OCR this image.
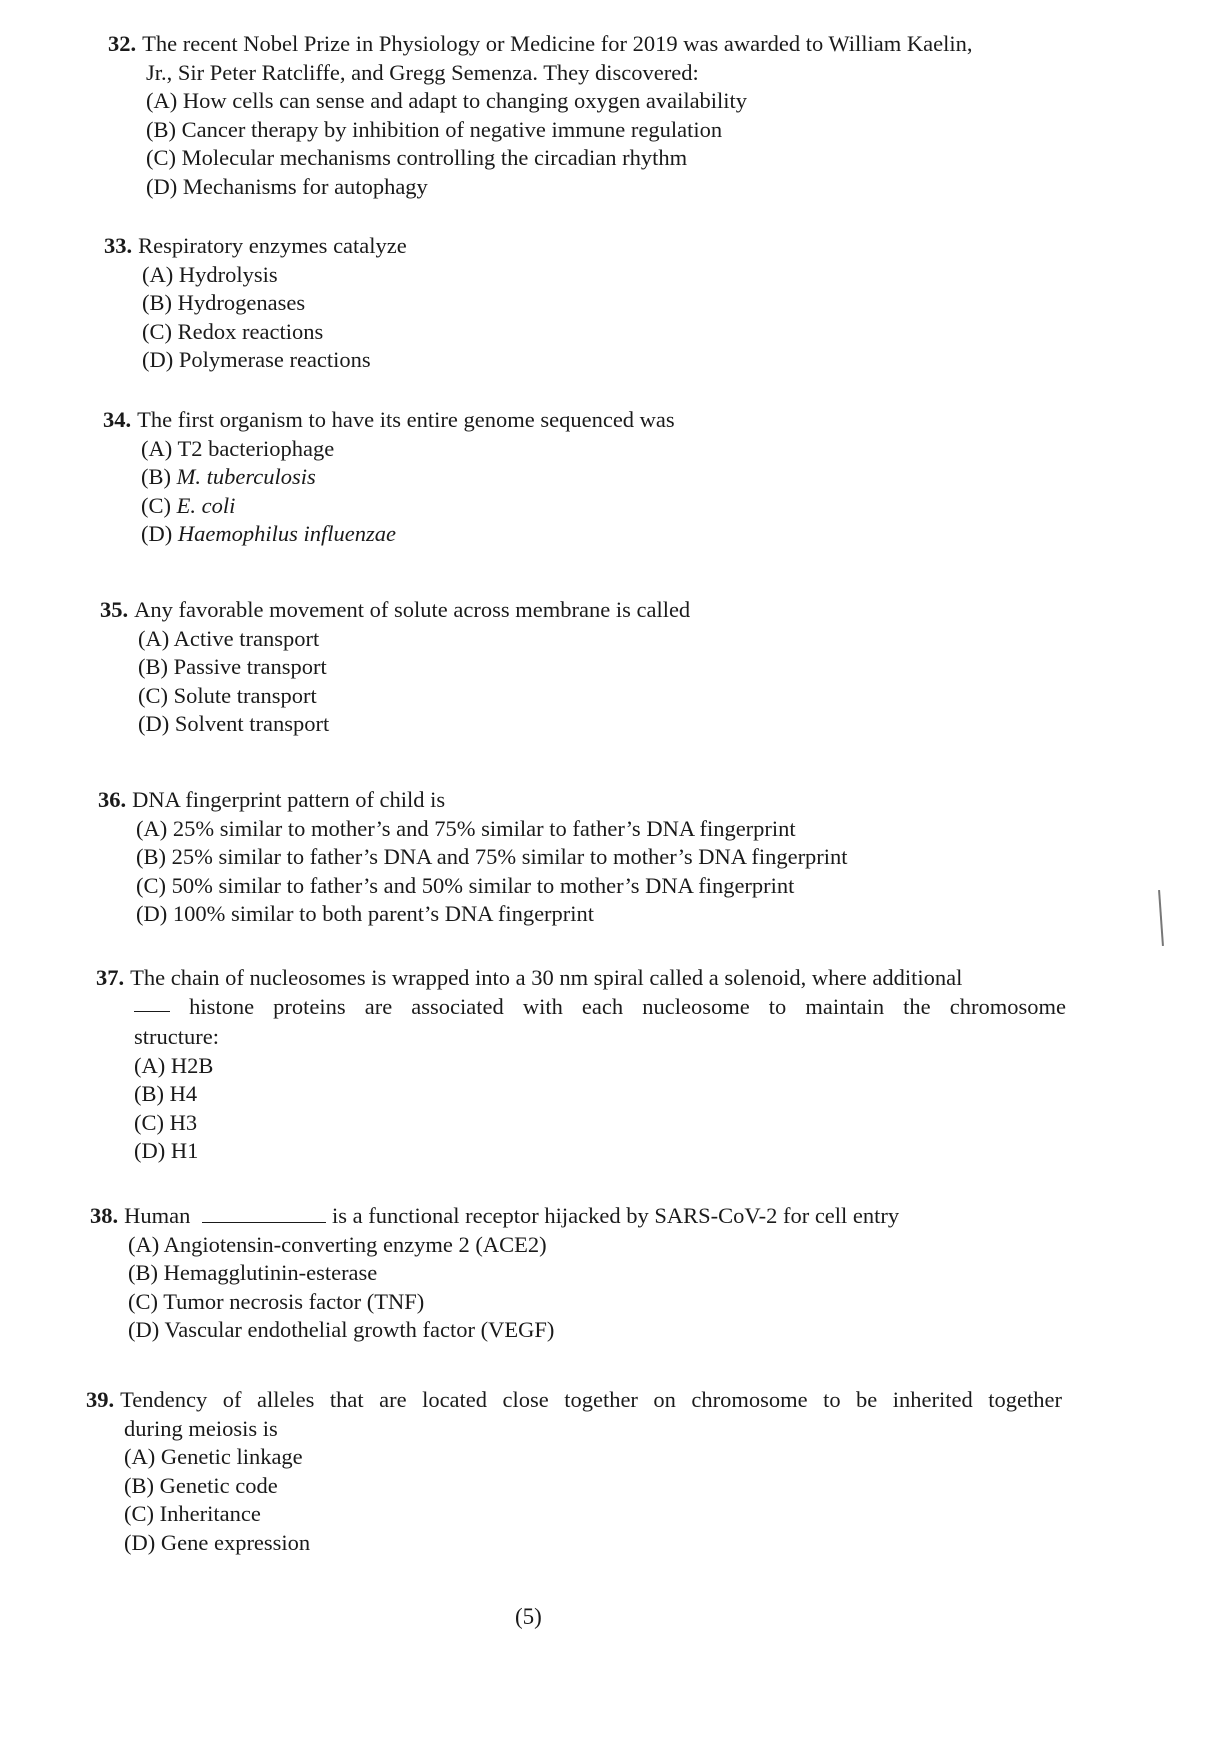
32. The recent Nobel Prize in Physiology or Medicine for 2019 was awarded to William Kaelin,
Jr., Sir Peter Ratcliffe, and Gregg Semenza. They discovered:
(A) How cells can sense and adapt to changing oxygen availability
(B) Cancer therapy by inhibition of negative immune regulation
(C) Molecular mechanisms controlling the circadian rhythm
(D) Mechanisms for autophagy
33. Respiratory enzymes catalyze
(A) Hydrolysis
(B) Hydrogenases
(C) Redox reactions
(D) Polymerase reactions
34. The first organism to have its entire genome sequenced was
(A) T2 bacteriophage
(B) M. tuberculosis
(C) E. coli
(D) Haemophilus influenzae
35. Any favorable movement of solute across membrane is called
(A) Active transport
(B) Passive transport
(C) Solute transport
(D) Solvent transport
36. DNA fingerprint pattern of child is
(A) 25% similar to mother’s and 75% similar to father’s DNA fingerprint
(B) 25% similar to father’s DNA and 75% similar to mother’s DNA fingerprint
(C) 50% similar to father’s and 50% similar to mother’s DNA fingerprint
(D) 100% similar to both parent’s DNA fingerprint
37. The chain of nucleosomes is wrapped into a 30 nm spiral called a solenoid, where additional
histone proteins are associated with each nucleosome to maintain the chromosome
structure:
(A) H2B
(B) H4
(C) H3
(D) H1
38. Human	is a functional receptor hijacked by SARS-CoV-2 for cell entry
(A) Angiotensin-converting enzyme 2 (ACE2)
(B) Hemagglutinin-esterase
(C) Tumor necrosis factor (TNF)
(D) Vascular endothelial growth factor (VEGF)
39. Tendency of alleles that are located close together on chromosome to be inherited together
during meiosis is
(A) Genetic linkage
(B) Genetic code
(C) Inheritance
(D) Gene expression
(5)
